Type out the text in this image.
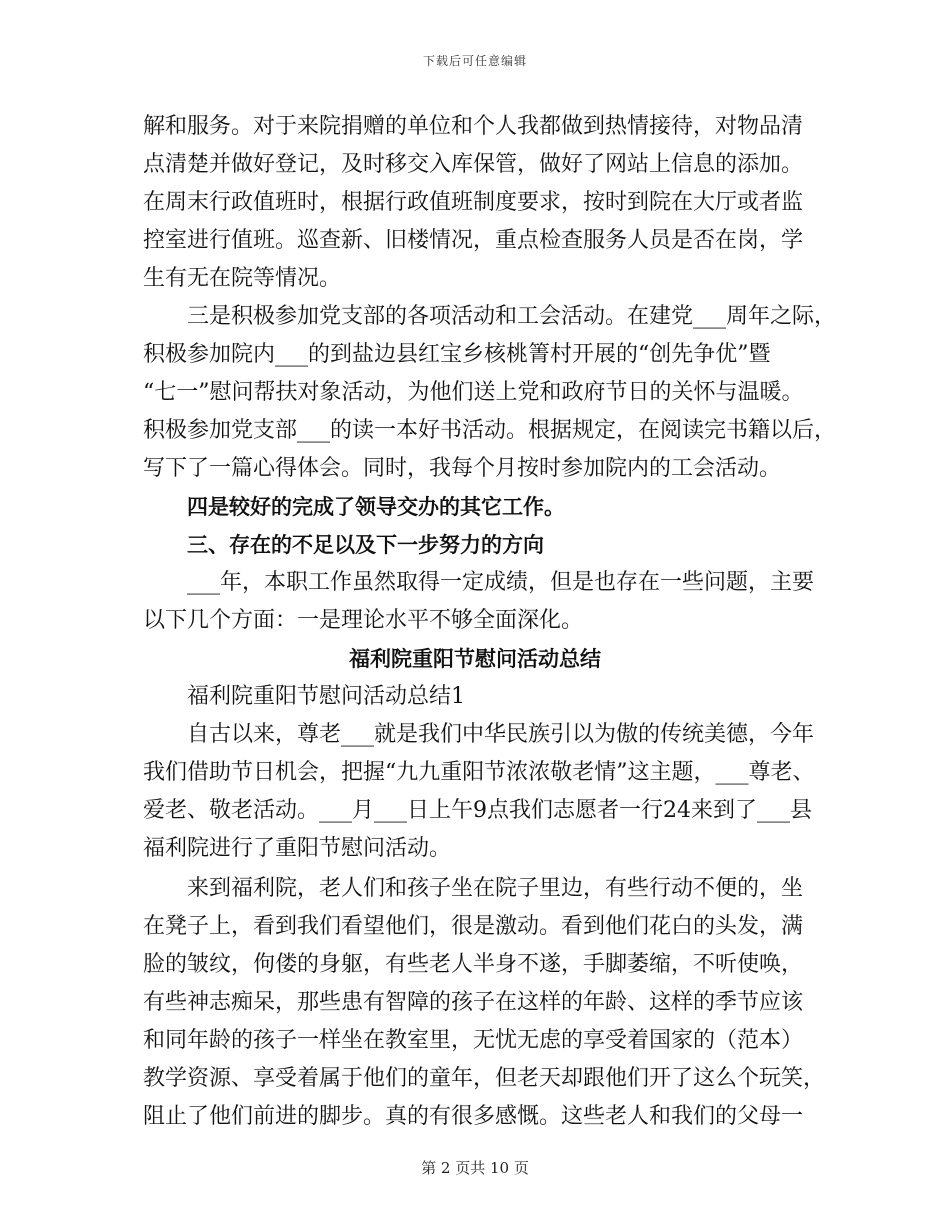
下载后可任意编辑
解和服务。对于来院捐赠的单位和个人我都做到热情接待，对物品清
点清楚并做好登记，及时移交入库保管，做好了网站上信息的添加。
在周末行政值班时，根据行政值班制度要求，按时到院在大厅或者监
控室进行值班。巡查新、旧楼情况，重点检查服务人员是否在岗，学
生有无在院等情况。
三是积极参加党支部的各项活动和工会活动。在建党___周年之际，
积极参加院内___的到盐边县红宝乡核桃箐村开展的“创先争优”暨
“七一”慰问帮扶对象活动，为他们送上党和政府节日的关怀与温暖。
积极参加党支部___的读一本好书活动。根据规定，在阅读完书籍以后，
写下了一篇心得体会。同时，我每个月按时参加院内的工会活动。
四是较好的完成了领导交办的其它工作。
三、存在的不足以及下一步努力的方向
___年，本职工作虽然取得一定成绩，但是也存在一些问题，主要
以下几个方面：一是理论水平不够全面深化。
福利院重阳节慰问活动总结
福利院重阳节慰问活动总结1
自古以来，尊老___就是我们中华民族引以为傲的传统美德，今年
我们借助节日机会，把握“九九重阳节浓浓敬老情”这主题，___尊老、
爱老、敬老活动。___月___日上午9点我们志愿者一行24来到了___县
福利院进行了重阳节慰问活动。
来到福利院，老人们和孩子坐在院子里边，有些行动不便的，坐
在凳子上，看到我们看望他们，很是激动。看到他们花白的头发，满
脸的皱纹，佝偻的身躯，有些老人半身不遂，手脚萎缩，不听使唤，
有些神志痴呆，那些患有智障的孩子在这样的年龄、这样的季节应该
和同年龄的孩子一样坐在教室里，无忧无虑的享受着国家的（范本）
教学资源、享受着属于他们的童年，但老天却跟他们开了这么个玩笑，
阻止了他们前进的脚步。真的有很多感慨。这些老人和我们的父母一
第 2 页共 10 页
